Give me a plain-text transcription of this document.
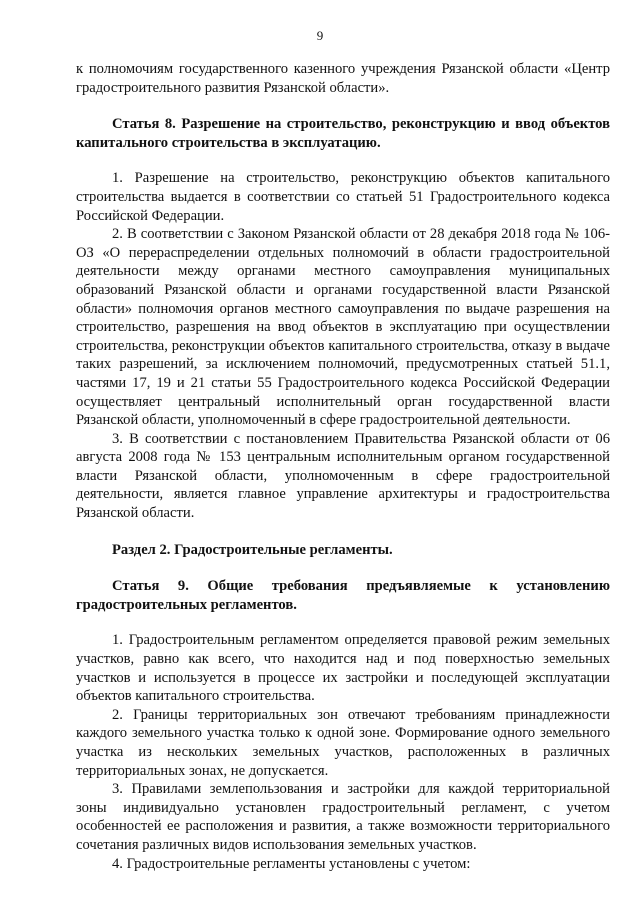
9

к полномочиям государственного казенного учреждения Рязанской области «Центр градостроительного развития Рязанской области».

Статья 8. Разрешение на строительство, реконструкцию и ввод объектов капитального строительства в эксплуатацию.

1. Разрешение на строительство, реконструкцию объектов капитального строительства выдается в соответствии со статьей 51 Градостроительного кодекса Российской Федерации.

2. В соответствии с Законом Рязанской области от 28 декабря 2018 года № 106-ОЗ «О перераспределении отдельных полномочий в области градостроительной деятельности между органами местного самоуправления муниципальных образований Рязанской области и органами государственной власти Рязанской области» полномочия органов местного самоуправления по выдаче разрешения на строительство, разрешения на ввод объектов в эксплуатацию при осуществлении строительства, реконструкции объектов капитального строительства, отказу в выдаче таких разрешений, за исключением полномочий, предусмотренных статьей 51.1, частями 17, 19 и 21 статьи 55 Градостроительного кодекса Российской Федерации осуществляет центральный исполнительный орган государственной власти Рязанской области, уполномоченный в сфере градостроительной деятельности.

3. В соответствии с постановлением Правительства Рязанской области от 06 августа 2008 года № 153 центральным исполнительным органом государственной власти Рязанской области, уполномоченным в сфере градостроительной деятельности, является главное управление архитектуры и градостроительства Рязанской области.

Раздел 2. Градостроительные регламенты.

Статья 9. Общие требования предъявляемые к установлению градостроительных регламентов.

1. Градостроительным регламентом определяется правовой режим земельных участков, равно как всего, что находится над и под поверхностью земельных участков и используется в процессе их застройки и последующей эксплуатации объектов капитального строительства.

2. Границы территориальных зон отвечают требованиям принадлежности каждого земельного участка только к одной зоне. Формирование одного земельного участка из нескольких земельных участков, расположенных в различных территориальных зонах, не допускается.

3. Правилами землепользования и застройки для каждой территориальной зоны индивидуально установлен градостроительный регламент, с учетом особенностей ее расположения и развития, а также возможности территориального сочетания различных видов использования земельных участков.

4. Градостроительные регламенты установлены с учетом:
